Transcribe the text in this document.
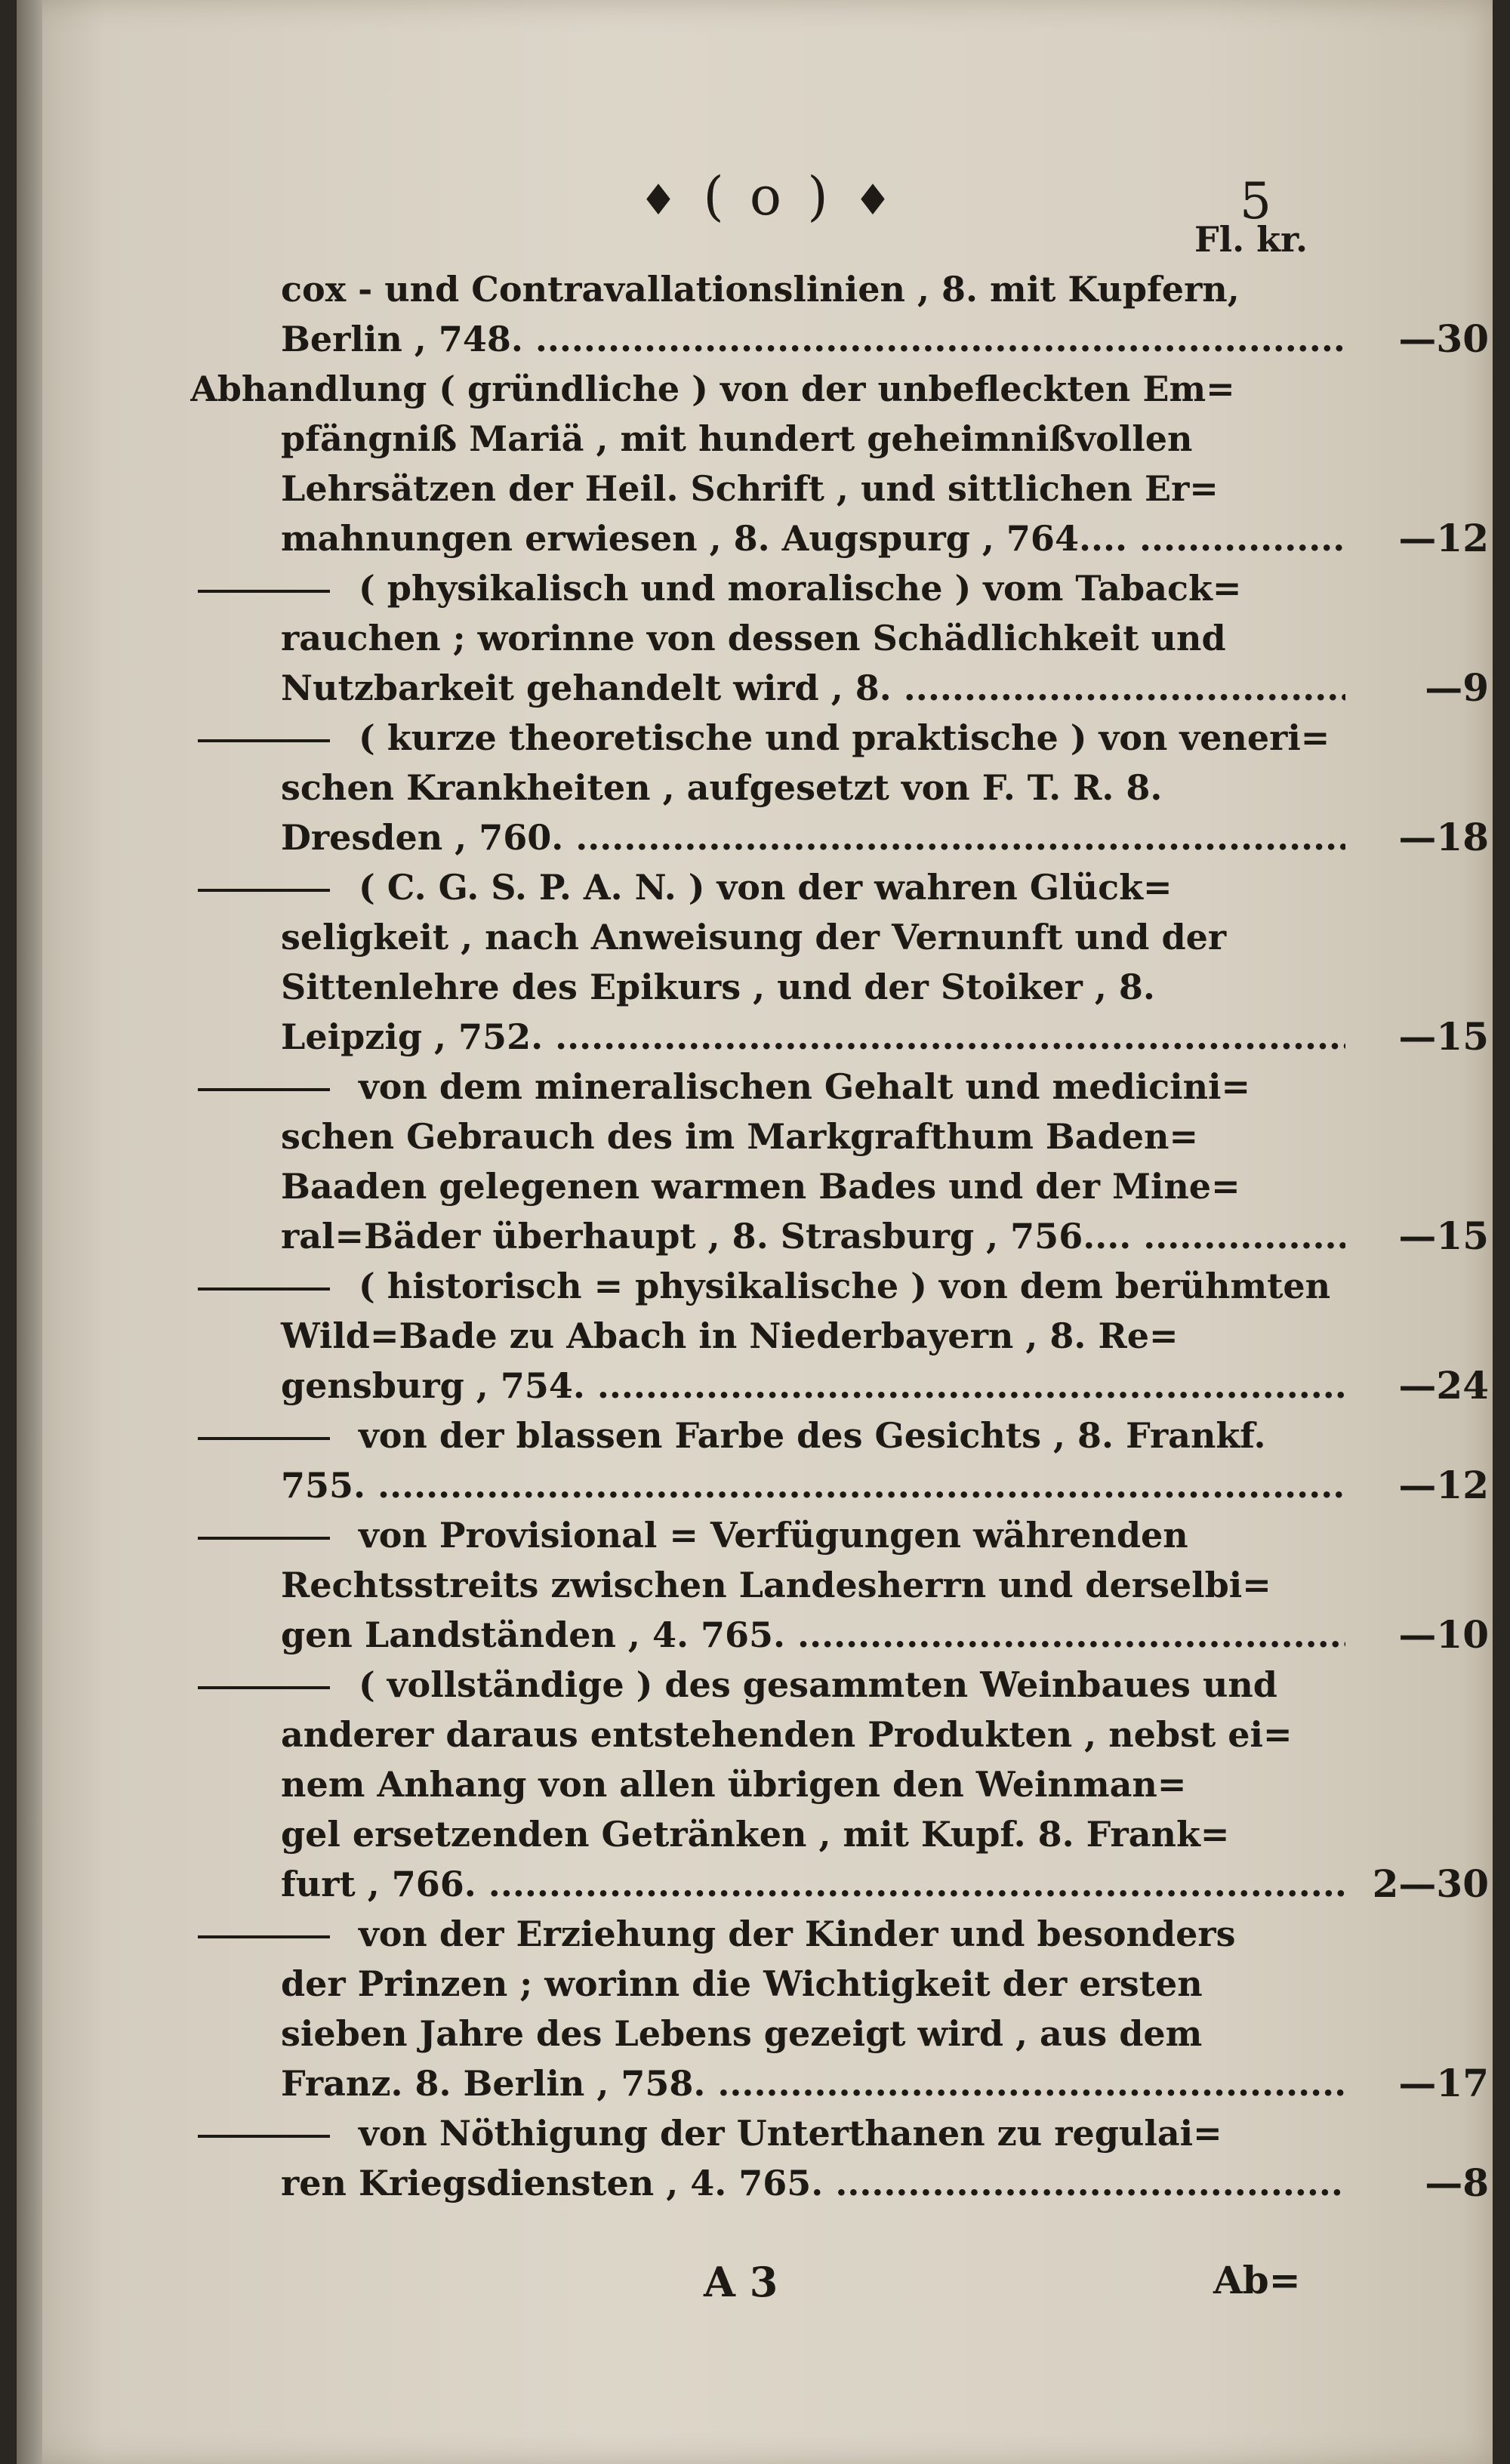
♦ ( o ) ♦	5
Fl. kr.
cox - und Contravallationslinien , 8. mit Kupfern,
Berlin , 748. .....	—30
Abhandlung ( gründliche ) von der unbefleckten Em=
pfängniß Mariä , mit hundert geheimnißvollen
Lehrsätzen der Heil. Schrift , und sittlichen Er=
mahnungen erwiesen , 8. Augspurg , 764.... .....	—12
( physikalisch und moralische ) vom Taback=
rauchen ; worinne von dessen Schädlichkeit und
Nutzbarkeit gehandelt wird , 8. .....	—9
( kurze theoretische und praktische ) von veneri=
schen Krankheiten , aufgesetzt von F. T. R. 8.
Dresden , 760. .....	—18
( C. G. S. P. A. N. ) von der wahren Glück=
seligkeit , nach Anweisung der Vernunft und der
Sittenlehre des Epikurs , und der Stoiker , 8.
Leipzig , 752. .....	—15
von dem mineralischen Gehalt und medicini=
schen Gebrauch des im Markgrafthum Baden=
Baaden gelegenen warmen Bades und der Mine=
ral=Bäder überhaupt , 8. Strasburg , 756.... .....	—15
( historisch = physikalische ) von dem berühmten
Wild=Bade zu Abach in Niederbayern , 8. Re=
gensburg , 754. .....	—24
von der blassen Farbe des Gesichts , 8. Frankf.
755. .....	—12
von Provisional = Verfügungen währenden
Rechtsstreits zwischen Landesherrn und derselbi=
gen Landständen , 4. 765. .....	—10
( vollständige ) des gesammten Weinbaues und
anderer daraus entstehenden Produkten , nebst ei=
nem Anhang von allen übrigen den Weinman=
gel ersetzenden Getränken , mit Kupf. 8. Frank=
furt , 766. .....	2—30
von der Erziehung der Kinder und besonders
der Prinzen ; worinn die Wichtigkeit der ersten
sieben Jahre des Lebens gezeigt wird , aus dem
Franz. 8. Berlin , 758. .....	—17
von Nöthigung der Unterthanen zu regulai=
ren Kriegsdiensten , 4. 765. .....	—8
A 3	Ab=
